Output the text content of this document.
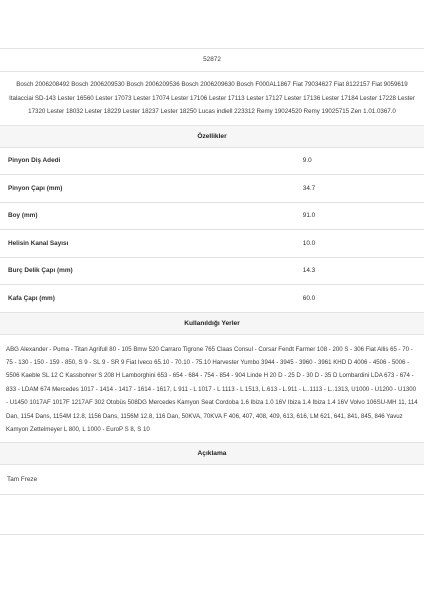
52872	
Bosch 2006208492 Bosch 2006209530 Bosch 2006209536 Bosch 2006209630 Bosch F000AL1867 Fiat 79034627 Fiat 8122157 Fiat 9059619 Italacciai SD-143 Lester 16560 Lester 17073 Lester 17074 Lester 17106 Lester 17113 Lester 17127 Lester 17136 Lester 17184 Lester 17228 Lester 17320 Lester 18032 Lester 18229 Lester 18237 Lester 18250 Lucas indiell 223312 Remy 19024520 Remy 19025715 Zen 1.01.0367.0	
Özellikler	
Pinyon Diş Adedi	9.0
Pinyon Çapı (mm)	34.7
Boy (mm)	91.0
Helisin Kanal Sayısı	10.0
Burç Delik Çapı (mm)	14.3
Kafa Çapı (mm)	60.0
Kullanıldığı Yerler	
ABG Alexander - Puma - Titan Agrifull 80 - 105 Bmw 520 Carraro Tigrone 765 Claas Consul - Corsar Fendt Farmer 108 - 200 S - 306 Fiat Allis 65 - 70 - 75 - 130 - 150 - 159 - 850, S 9 - SL 9 - SR 9 Fiat Iveco 65.10 - 70.10 - 75.10 Harvester Yumbo 3944 - 3945 - 3960 - 3961 KHD D 4006 - 4506 - 5006 - 5506 Kaeble SL 12 C Kassbohrer S 208 H Lamborghini 653 - 654 - 684 - 754 - 854 - 904 Linde H 20 D - 25 D - 30 D - 35 D Lombardini LDA 673 - 674 - 833 - LDAM 674 Mercedes 1017 - 1414 - 1417 - 1614 - 1617, L 911 - L 1017 - L 1113 - L 1513, L.613 - L.911 - L..1113 - L..1313, U1000 - U1200 - U1300 - U1450 1017AF 1017F 1217AF 302 Otobüs 508DG Mercedes Kamyon Seat Cordoba 1.6 Ibiza 1.0 16V Ibiza 1.4 Ibiza 1.4 16V Volvo 106SU-MH 11, 114 Dan, 1154 Dans, 1154M 12.8, 1156 Dans, 1156M 12.8, 116 Dan, 50KVA, 70KVA F 406, 407, 408, 409, 613, 616, LM 621, 641, 841, 845, 846 Yavuz Kamyon Zettelmeyer L 800, L 1000 - EuroP S 8, S 10	
Açıklama	
Tam Freze	
